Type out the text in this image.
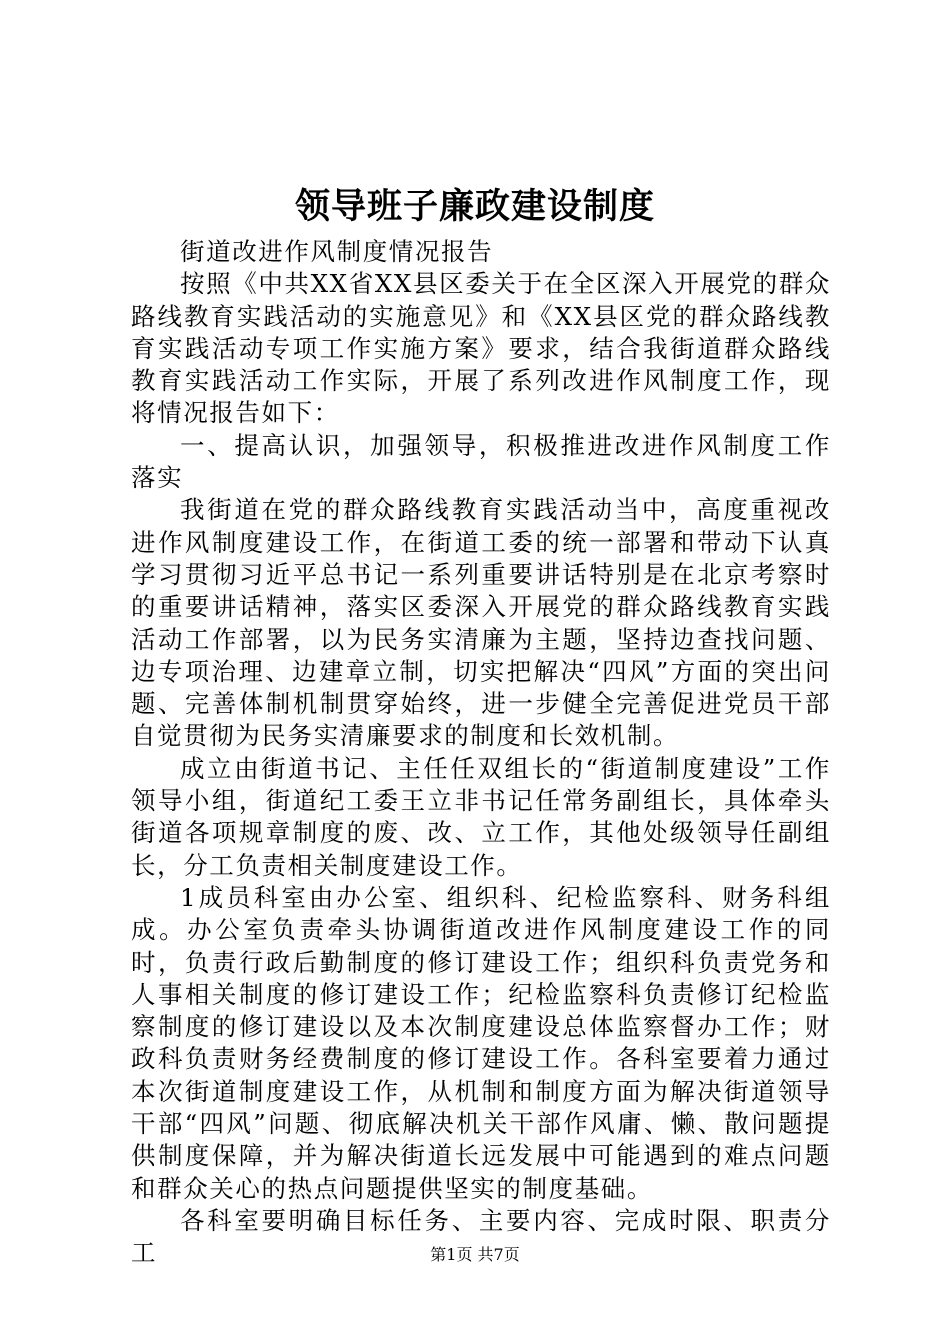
领导班子廉政建设制度

街道改进作风制度情况报告

按照《中共XX省XX县区委关于在全区深入开展党的群众路线教育实践活动的实施意见》和《XX县区党的群众路线教育实践活动专项工作实施方案》要求，结合我街道群众路线教育实践活动工作实际，开展了系列改进作风制度工作，现将情况报告如下：

一、提高认识，加强领导，积极推进改进作风制度工作落实

我街道在党的群众路线教育实践活动当中，高度重视改进作风制度建设工作，在街道工委的统一部署和带动下认真学习贯彻习近平总书记一系列重要讲话特别是在北京考察时的重要讲话精神，落实区委深入开展党的群众路线教育实践活动工作部署，以为民务实清廉为主题，坚持边查找问题、边专项治理、边建章立制，切实把解决“四风”方面的突出问题、完善体制机制贯穿始终，进一步健全完善促进党员干部自觉贯彻为民务实清廉要求的制度和长效机制。

成立由街道书记、主任任双组长的“街道制度建设”工作领导小组，街道纪工委王立非书记任常务副组长，具体牵头街道各项规章制度的废、改、立工作，其他处级领导任副组长，分工负责相关制度建设工作。

1成员科室由办公室、组织科、纪检监察科、财务科组成。办公室负责牵头协调街道改进作风制度建设工作的同时，负责行政后勤制度的修订建设工作；组织科负责党务和人事相关制度的修订建设工作；纪检监察科负责修订纪检监察制度的修订建设以及本次制度建设总体监察督办工作；财政科负责财务经费制度的修订建设工作。各科室要着力通过本次街道制度建设工作，从机制和制度方面为解决街道领导干部“四风”问题、彻底解决机关干部作风庸、懒、散问题提供制度保障，并为解决街道长远发展中可能遇到的难点问题和群众关心的热点问题提供坚实的制度基础。

各科室要明确目标任务、主要内容、完成时限、职责分工	第1页 共7页
